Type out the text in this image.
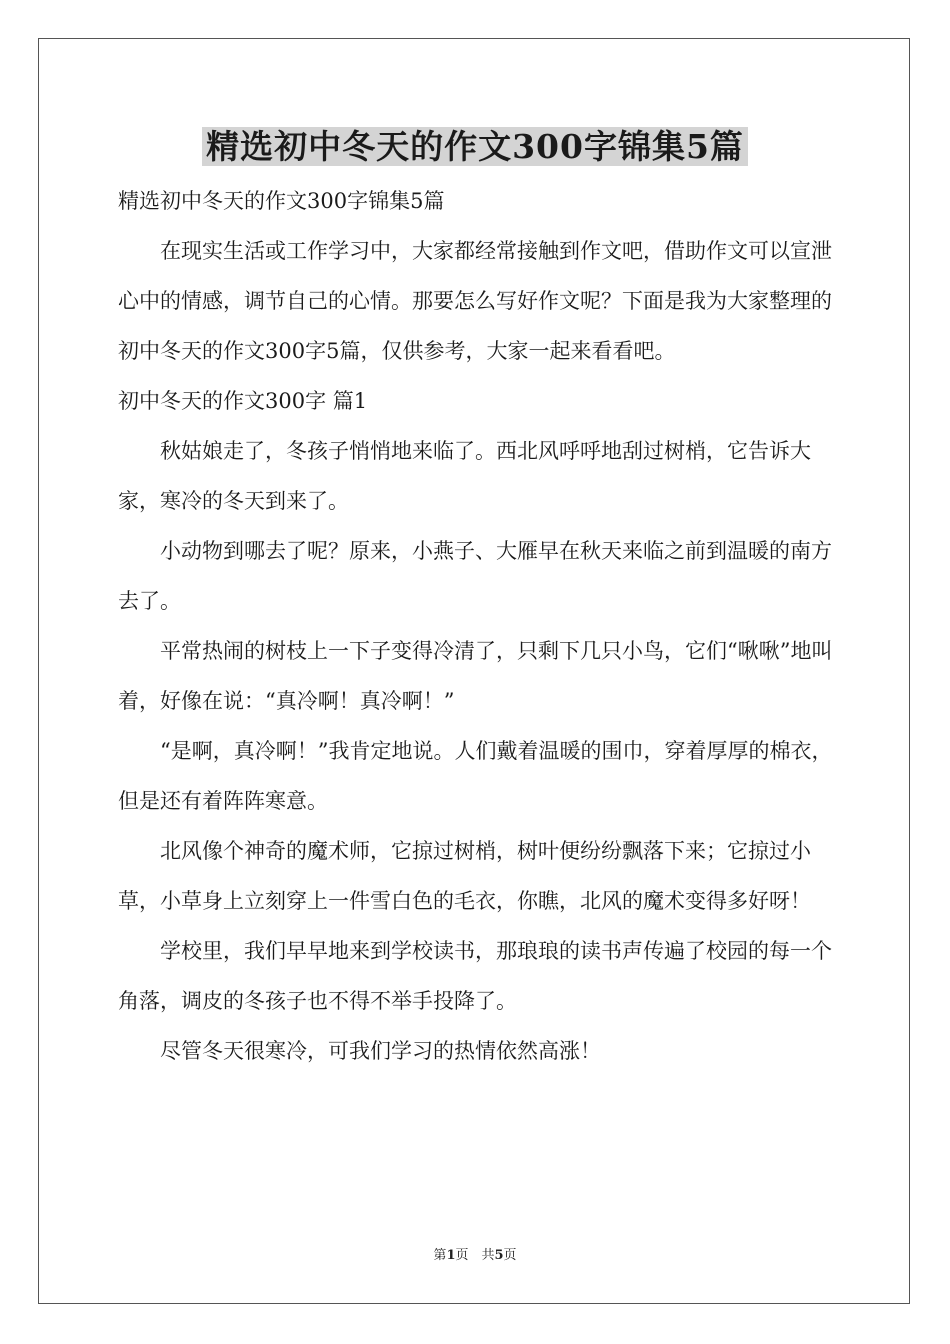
精选初中冬天的作文300字锦集5篇

精选初中冬天的作文300字锦集5篇

在现实生活或工作学习中，大家都经常接触到作文吧，借助作文可以宣泄心中的情感，调节自己的心情。那要怎么写好作文呢？下面是我为大家整理的初中冬天的作文300字5篇，仅供参考，大家一起来看看吧。

初中冬天的作文300字 篇1

秋姑娘走了，冬孩子悄悄地来临了。西北风呼呼地刮过树梢，它告诉大家，寒冷的冬天到来了。

小动物到哪去了呢？原来，小燕子、大雁早在秋天来临之前到温暖的南方去了。

平常热闹的树枝上一下子变得冷清了，只剩下几只小鸟，它们“啾啾”地叫着，好像在说：“真冷啊！真冷啊！”

“是啊，真冷啊！”我肯定地说。人们戴着温暖的围巾，穿着厚厚的棉衣，但是还有着阵阵寒意。

北风像个神奇的魔术师，它掠过树梢，树叶便纷纷飘落下来；它掠过小草，小草身上立刻穿上一件雪白色的毛衣，你瞧，北风的魔术变得多好呀！

学校里，我们早早地来到学校读书，那琅琅的读书声传遍了校园的每一个角落，调皮的冬孩子也不得不举手投降了。

尽管冬天很寒冷，可我们学习的热情依然高涨！

第1页　共5页
